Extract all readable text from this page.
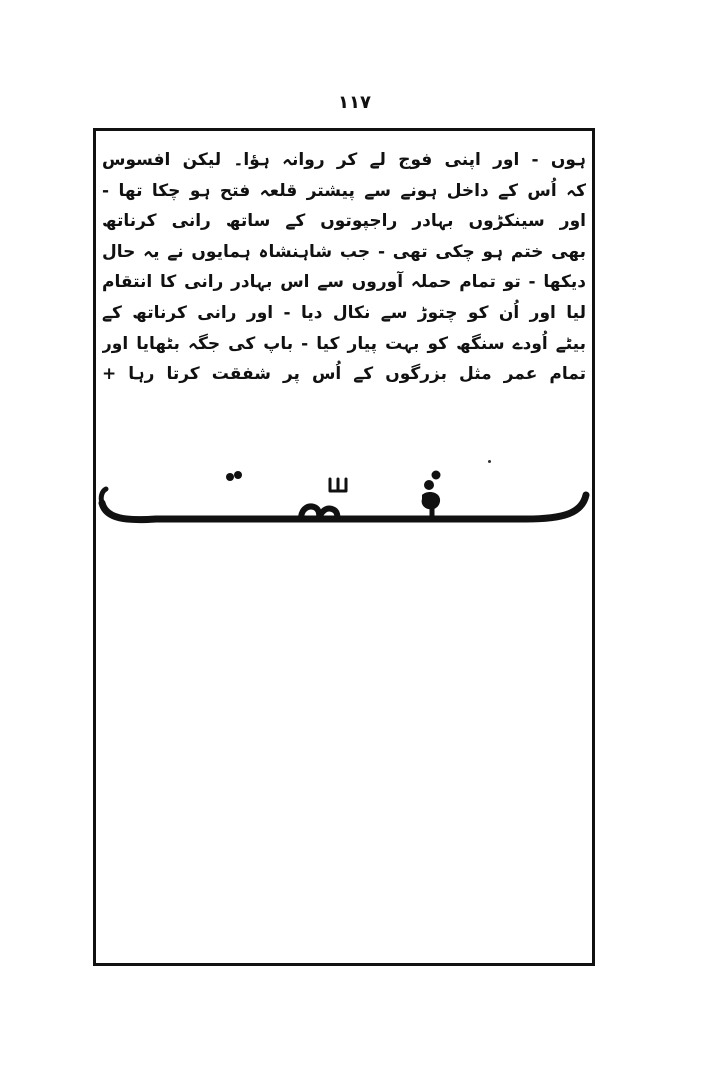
۱۱۷
ہوں - اور اپنی فوج لے کر روانہ ہؤا۔ لیکن افسوس
کہ اُس کے داخل ہونے سے پیشتر قلعہ فتح ہو چکا تھا -
اور سینکڑوں بہادر راجپوتوں کے ساتھ رانی کرناتھ
بھی ختم ہو چکی تھی - جب شاہنشاہ ہمایوں نے یہ حال
دیکھا - تو تمام حملہ آوروں سے اس بہادر رانی کا انتقام
لیا اور اُن کو چتوڑ سے نکال دیا - اور رانی کرناتھ کے
بیٹے اُودے سنگھ کو بہت پیار کیا - باپ کی جگہ بٹھایا اور
تمام عمر مثل بزرگوں کے اُس پر شفقت کرتا رہا +
